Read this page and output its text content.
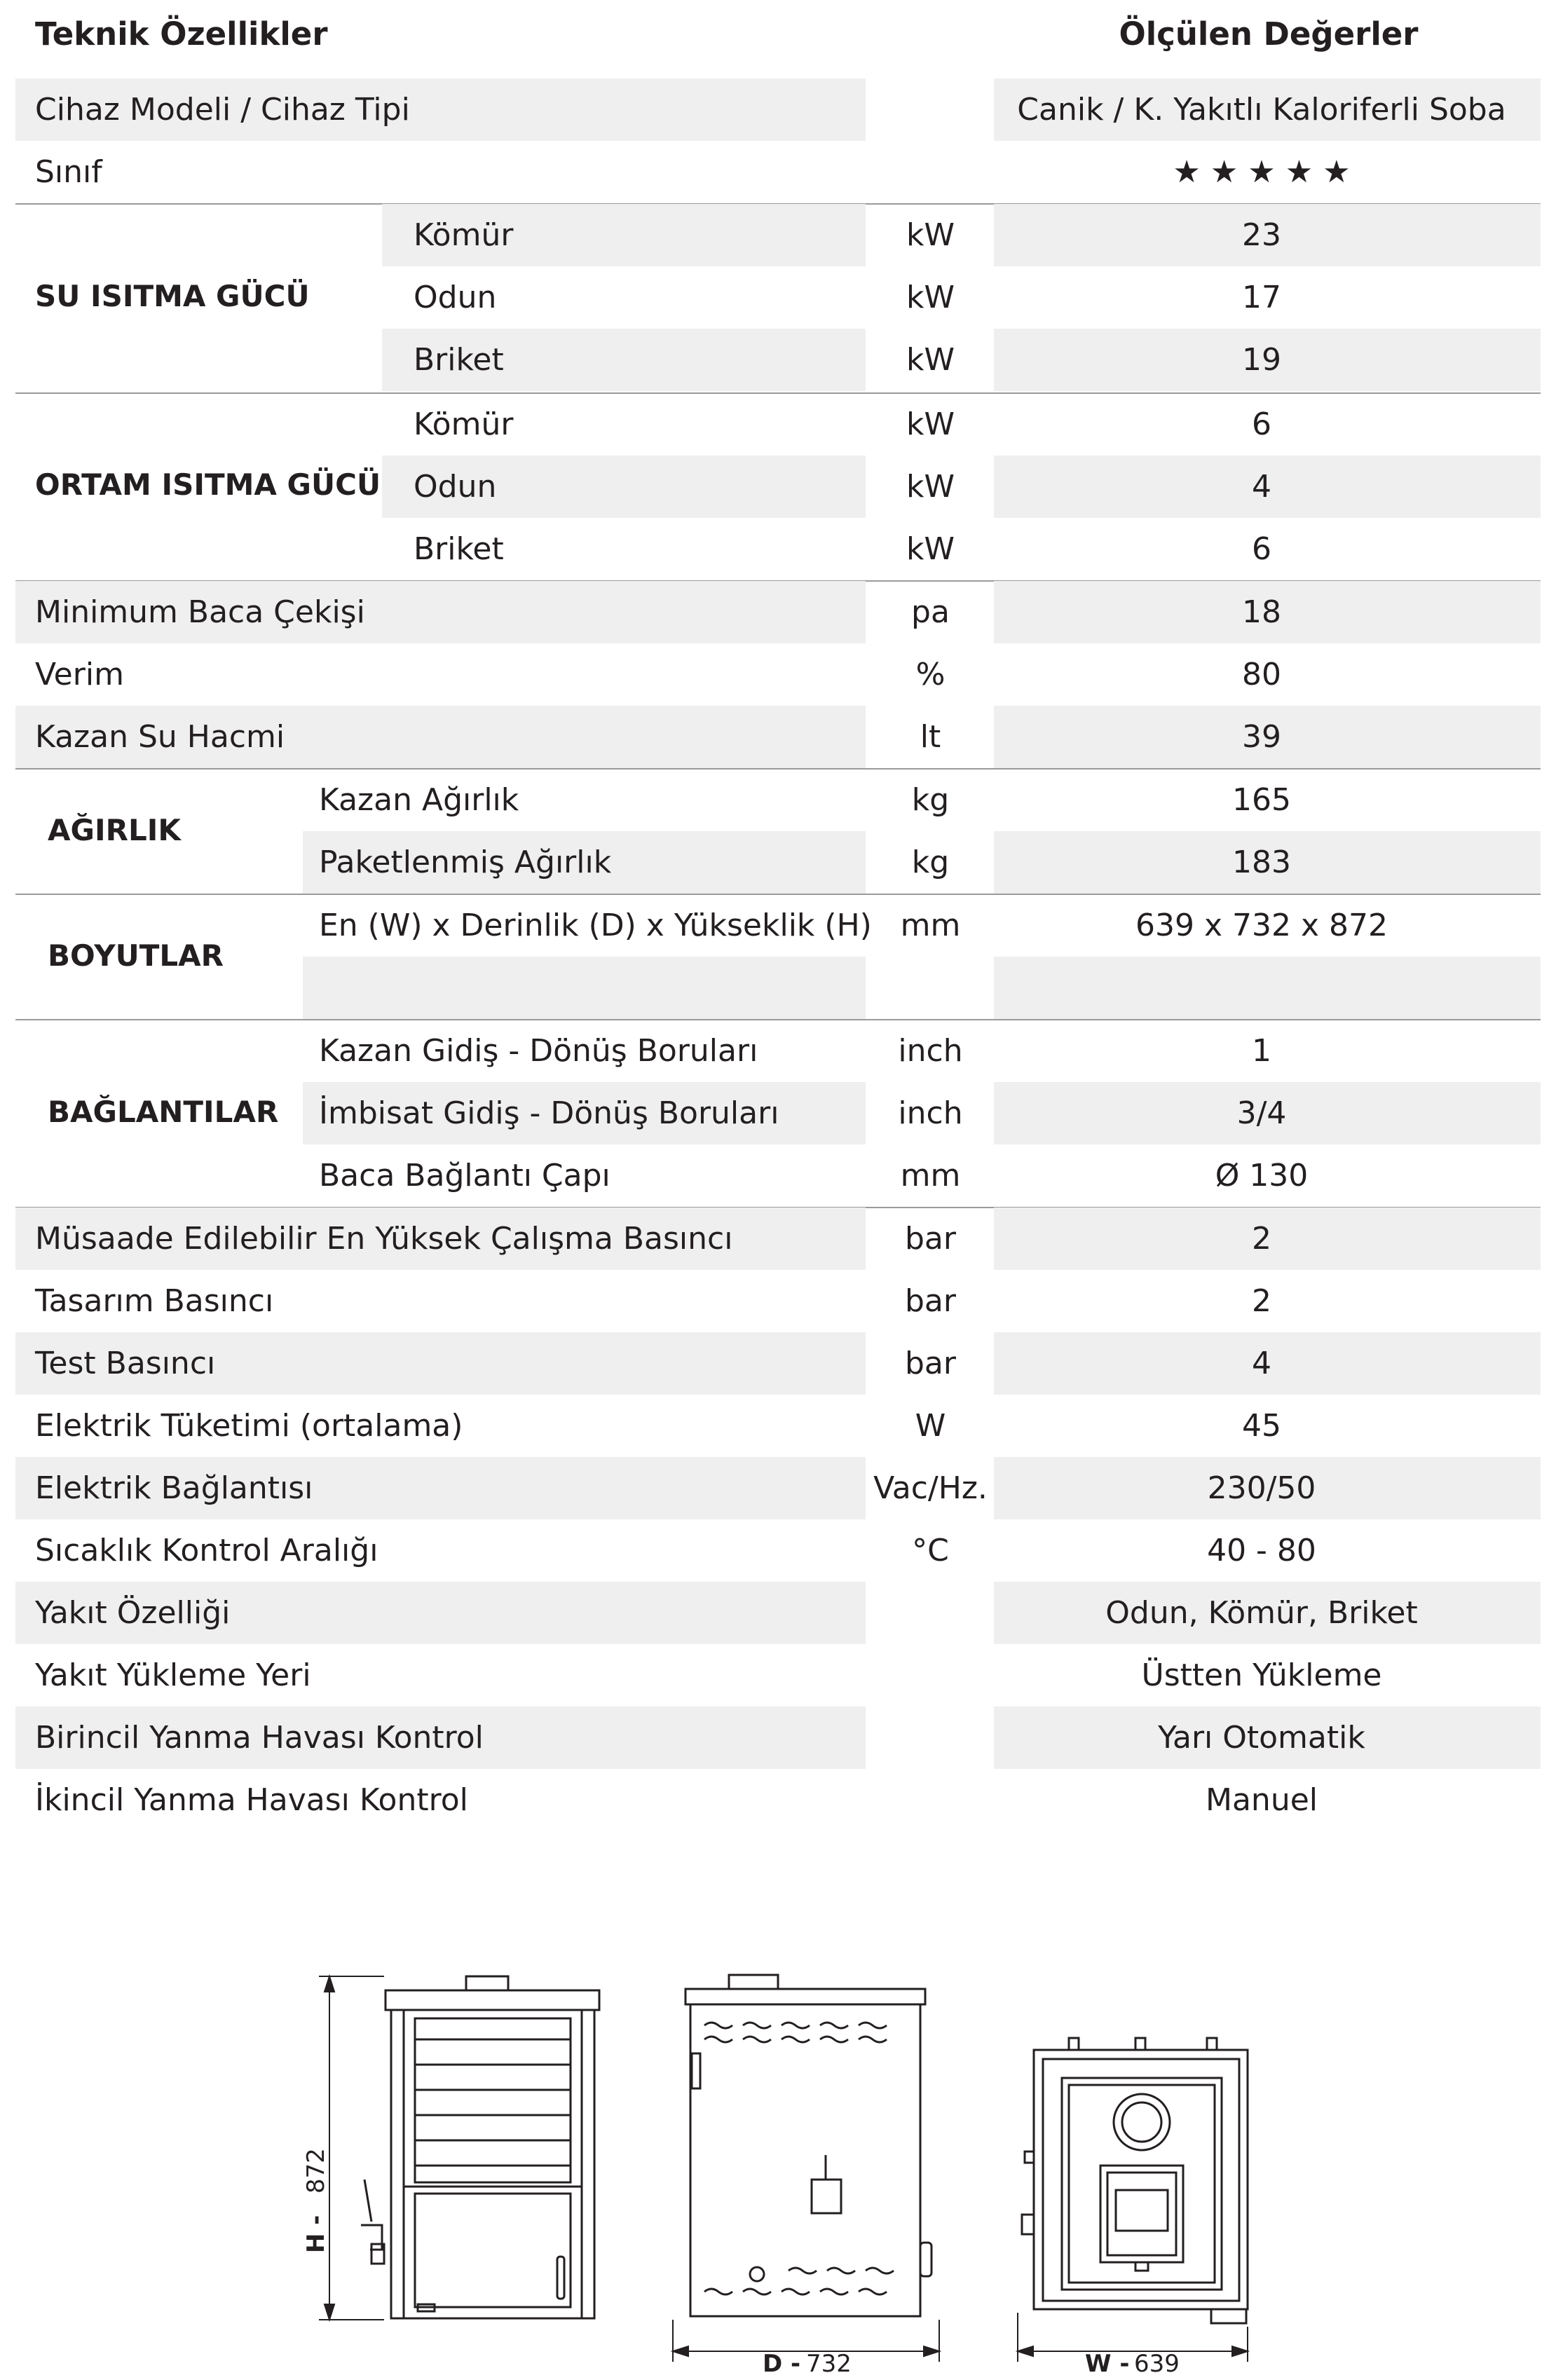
Teknik Özellikler	Ölçülen Değerler
Cihaz Modeli / Cihaz Tipi	Canik / K. Yakıtlı Kaloriferli Soba
Sınıf	★ ★ ★ ★ ★
SU ISITMA GÜCÜ
Kömür	kW	23
Odun	kW	17
Briket	kW	19
ORTAM ISITMA GÜCÜ
Kömür	kW	6
Odun	kW	4
Briket	kW	6
Minimum Baca Çekişi	pa	18
Verim	%	80
Kazan Su Hacmi	lt	39
AĞIRLIK
Kazan Ağırlık	kg	165
Paketlenmiş Ağırlık	kg	183
BOYUTLAR
En (W) x Derinlik (D) x Yükseklik (H) mm	639 x 732 x 872
BAĞLANTILAR
Kazan Gidiş - Dönüş Boruları	inch	1
İmbisat Gidiş - Dönüş Boruları	inch	3/4
Baca Bağlantı Çapı	mm	Ø 130
Müsaade Edilebilir En Yüksek Çalışma Basıncı	bar	2
Tasarım Basıncı	bar	2
Test Basıncı	bar	4
Elektrik Tüketimi (ortalama)	W	45
Elektrik Bağlantısı	Vac/Hz.	230/50
Sıcaklık Kontrol Aralığı	°C	40 - 80
Yakıt Özelliği	Odun, Kömür, Briket
Yakıt Yükleme Yeri	Üstten Yükleme
Birincil Yanma Havası Kontrol	Yarı Otomatik
İkincil Yanma Havası Kontrol	Manuel
H -
872
D - 732	W - 639
